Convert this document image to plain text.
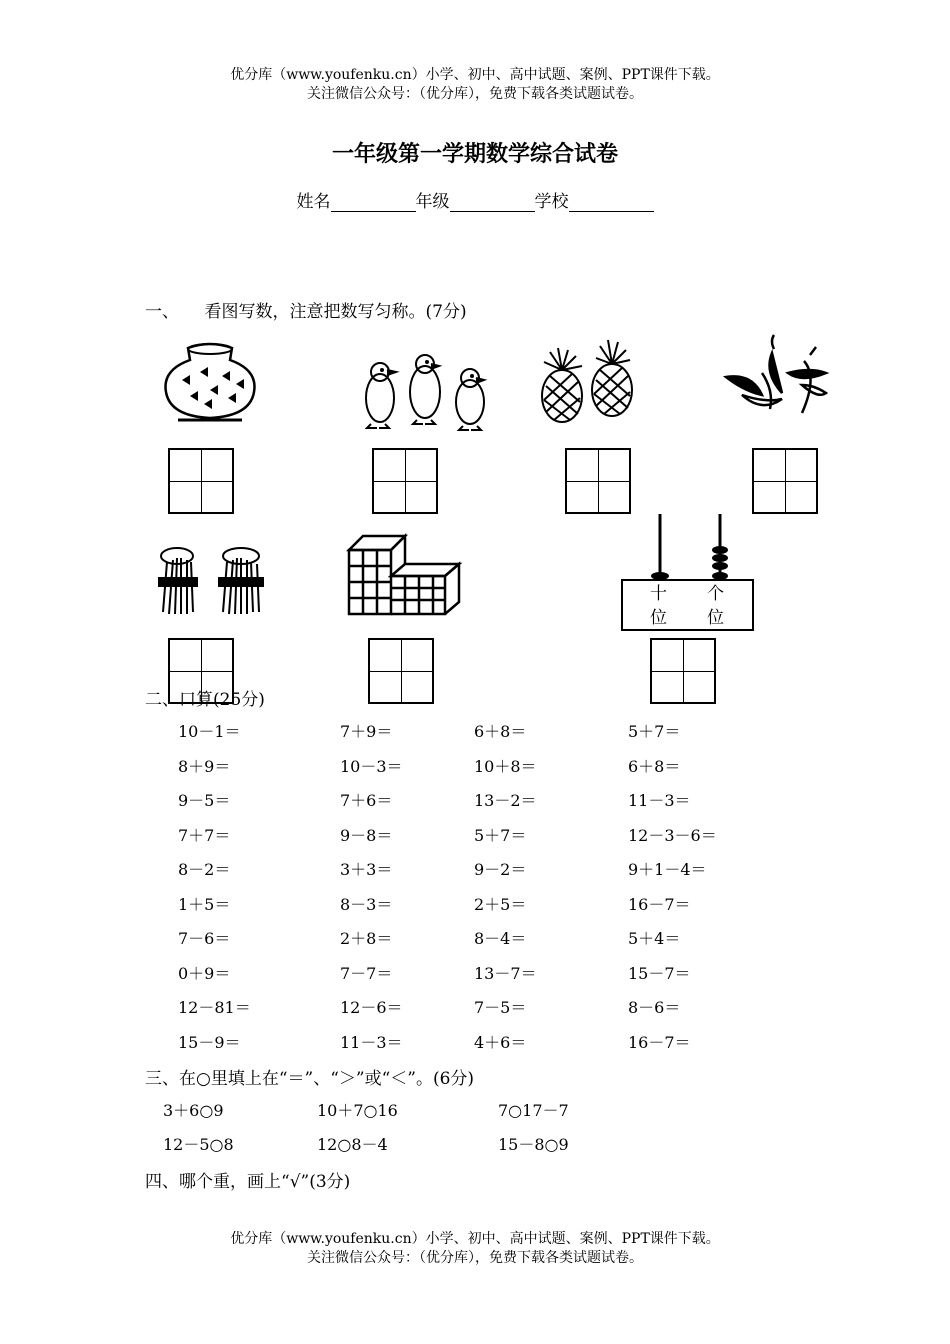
优分库（www.youfenku.cn）小学、初中、高中试题、案例、PPT课件下载。
关注微信公众号：（优分库），免费下载各类试题试卷。
一年级第一学期数学综合试卷
姓名	年级	学校
一、　　看图写数，注意把数写匀称。(7分)
十
位
个
位
二、口算(25分)
10－1＝	7＋9＝	6＋8＝	5＋7＝
8＋9＝	10－3＝	10＋8＝	6＋8＝
9－5＝	7＋6＝	13－2＝	11－3＝
7＋7＝	9－8＝	5＋7＝	12－3－6＝
8－2＝	3＋3＝	9－2＝	9＋1－4＝
1＋5＝	8－3＝	2＋5＝	16－7＝
7－6＝	2＋8＝	8－4＝	5＋4＝
0＋9＝	7－7＝	13－7＝	15－7＝
12－81＝	12－6＝	7－5＝	8－6＝
15－9＝	11－3＝	4＋6＝	16－7＝
三、在○里填上在“＝”、“＞”或“＜”。(6分)
3＋6○9	10＋7○16	7○17－7
12－5○8	12○8－4	15－8○9
四、哪个重，画上“√”(3分)
优分库（www.youfenku.cn）小学、初中、高中试题、案例、PPT课件下载。
关注微信公众号：（优分库），免费下载各类试题试卷。
